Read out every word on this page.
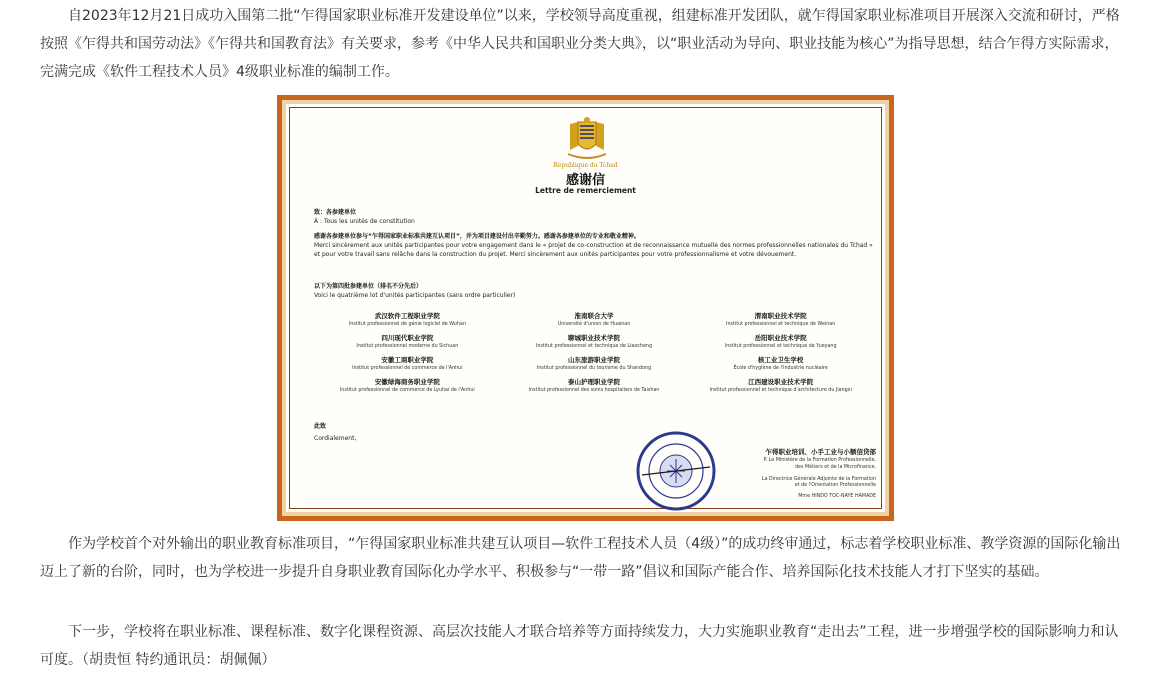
自2023年12月21日成功入围第二批“乍得国家职业标准开发建设单位”以来，学校领导高度重视，组建标准开发团队，就乍得国家职业标准项目开展深入交流和研讨，严格按照《乍得共和国劳动法》《乍得共和国教育法》有关要求，参考《中华人民共和国职业分类大典》，以“职业活动为导向、职业技能为核心”为指导思想，结合乍得方实际需求，完满完成《软件工程技术人员》4级职业标准的编制工作。

République du Tchad
感谢信
Lettre de remerciement
致：各参建单位
À : Tous les unités de constitution
感谢各参建单位参与“乍得国家职业标准共建互认项目”，并为项目建设付出辛勤努力。感谢各参建单位的专业和敬业精神。
Merci sincèrement aux unités participantes pour votre engagement dans le « projet de co-construction et de reconnaissance mutuelle des normes professionnelles nationales du Tchad » et pour votre travail sans relâche dans la construction du projet. Merci sincèrement aux unités participantes pour votre professionnalisme et votre dévouement.
以下为第四批参建单位（排名不分先后）
Voici le quatrième lot d'unités participantes (sans ordre particulier)
武汉软件工程职业学院
Institut professionnel de génie logiciel de Wuhan
淮南联合大学
Université d'union de Huainan
渭南职业技术学院
Institut professionnel et technique de Weinan
四川现代职业学院
Institut professionnel moderne du Sichuan
聊城职业技术学院
Institut professionnel et technique de Liaocheng
岳阳职业技术学院
Institut professionnel et technique de Yueyang
安徽工商职业学院
Institut professionnel de commerce de l'Anhui
山东旅游职业学院
Institut professionnel du tourisme du Shandong
核工业卫生学校
École d'hygiène de l'industrie nucléaire
安徽绿海商务职业学院
Institut professionnel de commerce de Lyuhai de l'Anhui
泰山护理职业学院
Institut professionnel des soins hospitaliers de Taishan
江西建设职业技术学院
Institut professionnel et technique d'architecture du Jiangxi
此致
Cordialement,
乍得职业培训、小手工业与小额信贷部
P. Le Ministère de la Formation Professionnelle,
des Métiers et de la Microfinance,
La Directrice Générale Adjointe de la Formation
et de l'Orientation Professionnelle
Mme HINDO TOC-NAYE HAMADE

作为学校首个对外输出的职业教育标准项目，“乍得国家职业标准共建互认项目—软件工程技术人员（4级）”的成功终审通过，标志着学校职业标准、教学资源的国际化输出迈上了新的台阶，同时，也为学校进一步提升自身职业教育国际化办学水平、积极参与“一带一路”倡议和国际产能合作、培养国际化技术技能人才打下坚实的基础。

下一步，学校将在职业标准、课程标准、数字化课程资源、高层次技能人才联合培养等方面持续发力，大力实施职业教育“走出去”工程，进一步增强学校的国际影响力和认可度。（胡贵恒 特约通讯员：胡佩佩）
